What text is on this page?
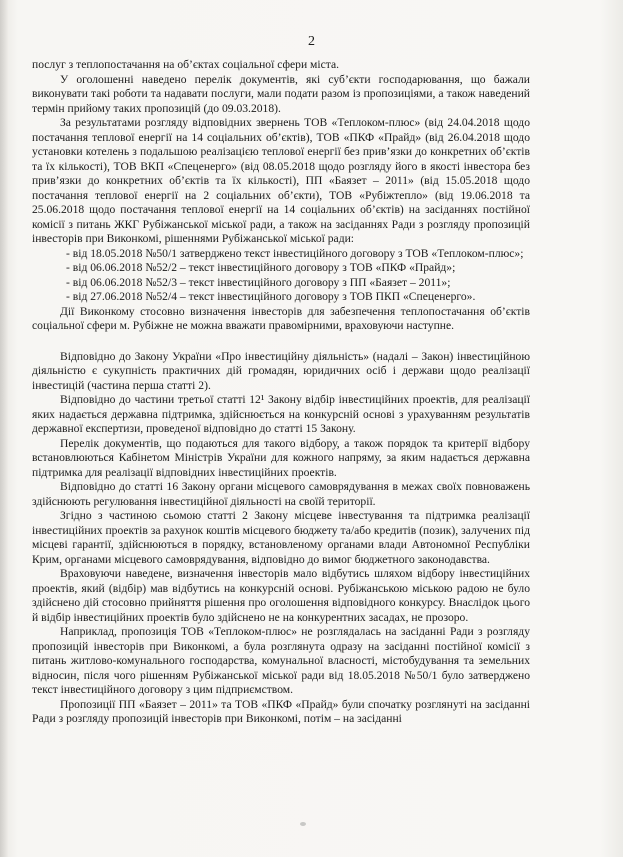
2

послуг з теплопостачання на об’єктах соціальної сфери міста.

У оголошенні наведено перелік документів, які суб’єкти господарювання, що бажали виконувати такі роботи та надавати послуги, мали подати разом із пропозиціями, а також наведений термін прийому таких пропозицій (до 09.03.2018).

За результатами розгляду відповідних звернень ТОВ «Теплоком-плюс» (від 24.04.2018 щодо постачання теплової енергії на 14 соціальних об’єктів), ТОВ «ПКФ «Прайд» (від 26.04.2018 щодо установки котелень з подальшою реалізацією теплової енергії без прив’язки до конкретних об’єктів та їх кількості), ТОВ ВКП «Спеценерго» (від 08.05.2018 щодо розгляду його в якості інвестора без прив’язки до конкретних об’єктів та їх кількості), ПП «Баязет – 2011» (від 15.05.2018 щодо постачання теплової енергії на 2 соціальних об’єкти), ТОВ «Рубіжтепло» (від 19.06.2018 та 25.06.2018 щодо постачання теплової енергії на 14 соціальних об’єктів) на засіданнях постійної комісії з питань ЖКГ Рубіжанської міської ради, а також на засіданнях Ради з розгляду пропозицій інвесторів при Виконкомі, рішеннями Рубіжанської міської ради:

- від 18.05.2018 №50/1 затверджено текст інвестиційного договору з ТОВ «Теплоком-плюс»;

- від 06.06.2018 №52/2 – текст інвестиційного договору з ТОВ «ПКФ «Прайд»;

- від 06.06.2018 №52/3 – текст інвестиційного договору з ПП «Баязет – 2011»;

- від 27.06.2018 №52/4 – текст інвестиційного договору з ТОВ ПКП «Спеценерго».

Дії Виконкому стосовно визначення інвесторів для забезпечення теплопостачання об’єктів соціальної сфери м. Рубіжне не можна вважати правомірними, враховуючи наступне.

Відповідно до Закону України «Про інвестиційну діяльність» (надалі – Закон) інвестиційною діяльністю є сукупність практичних дій громадян, юридичних осіб і держави щодо реалізації інвестицій (частина перша статті 2).

Відповідно до частини третьої статті 12¹ Закону відбір інвестиційних проектів, для реалізації яких надається державна підтримка, здійснюється на конкурсній основі з урахуванням результатів державної експертизи, проведеної відповідно до статті 15 Закону.

Перелік документів, що подаються для такого відбору, а також порядок та критерії відбору встановлюються Кабінетом Міністрів України для кожного напряму, за яким надається державна підтримка для реалізації відповідних інвестиційних проектів.

Відповідно до статті 16 Закону органи місцевого самоврядування в межах своїх повноважень здійснюють регулювання інвестиційної діяльності на своїй території.

Згідно з частиною сьомою статті 2 Закону місцеве інвестування та підтримка реалізації інвестиційних проектів за рахунок коштів місцевого бюджету та/або кредитів (позик), залучених під місцеві гарантії, здійснюються в порядку, встановленому органами влади Автономної Республіки Крим, органами місцевого самоврядування, відповідно до вимог бюджетного законодавства.

Враховуючи наведене, визначення інвесторів мало відбутись шляхом відбору інвестиційних проектів, який (відбір) мав відбутись на конкурсній основі. Рубіжанською міською радою не було здійснено дій стосовно прийняття рішення про оголошення відповідного конкурсу. Внаслідок цього й відбір інвестиційних проектів було здійснено не на конкурентних засадах, не прозоро.

Наприклад, пропозиція ТОВ «Теплоком-плюс» не розглядалась на засіданні Ради з розгляду пропозицій інвесторів при Виконкомі, а була розглянута одразу на засіданні постійної комісії з питань житлово-комунального господарства, комунальної власності, містобудування та земельних відносин, після чого рішенням Рубіжанської міської ради від 18.05.2018 №50/1 було затверджено текст інвестиційного договору з цим підприємством.

Пропозиції ПП «Баязет – 2011» та ТОВ «ПКФ «Прайд» були спочатку розглянуті на засіданні Ради з розгляду пропозицій інвесторів при Виконкомі, потім – на засіданні
